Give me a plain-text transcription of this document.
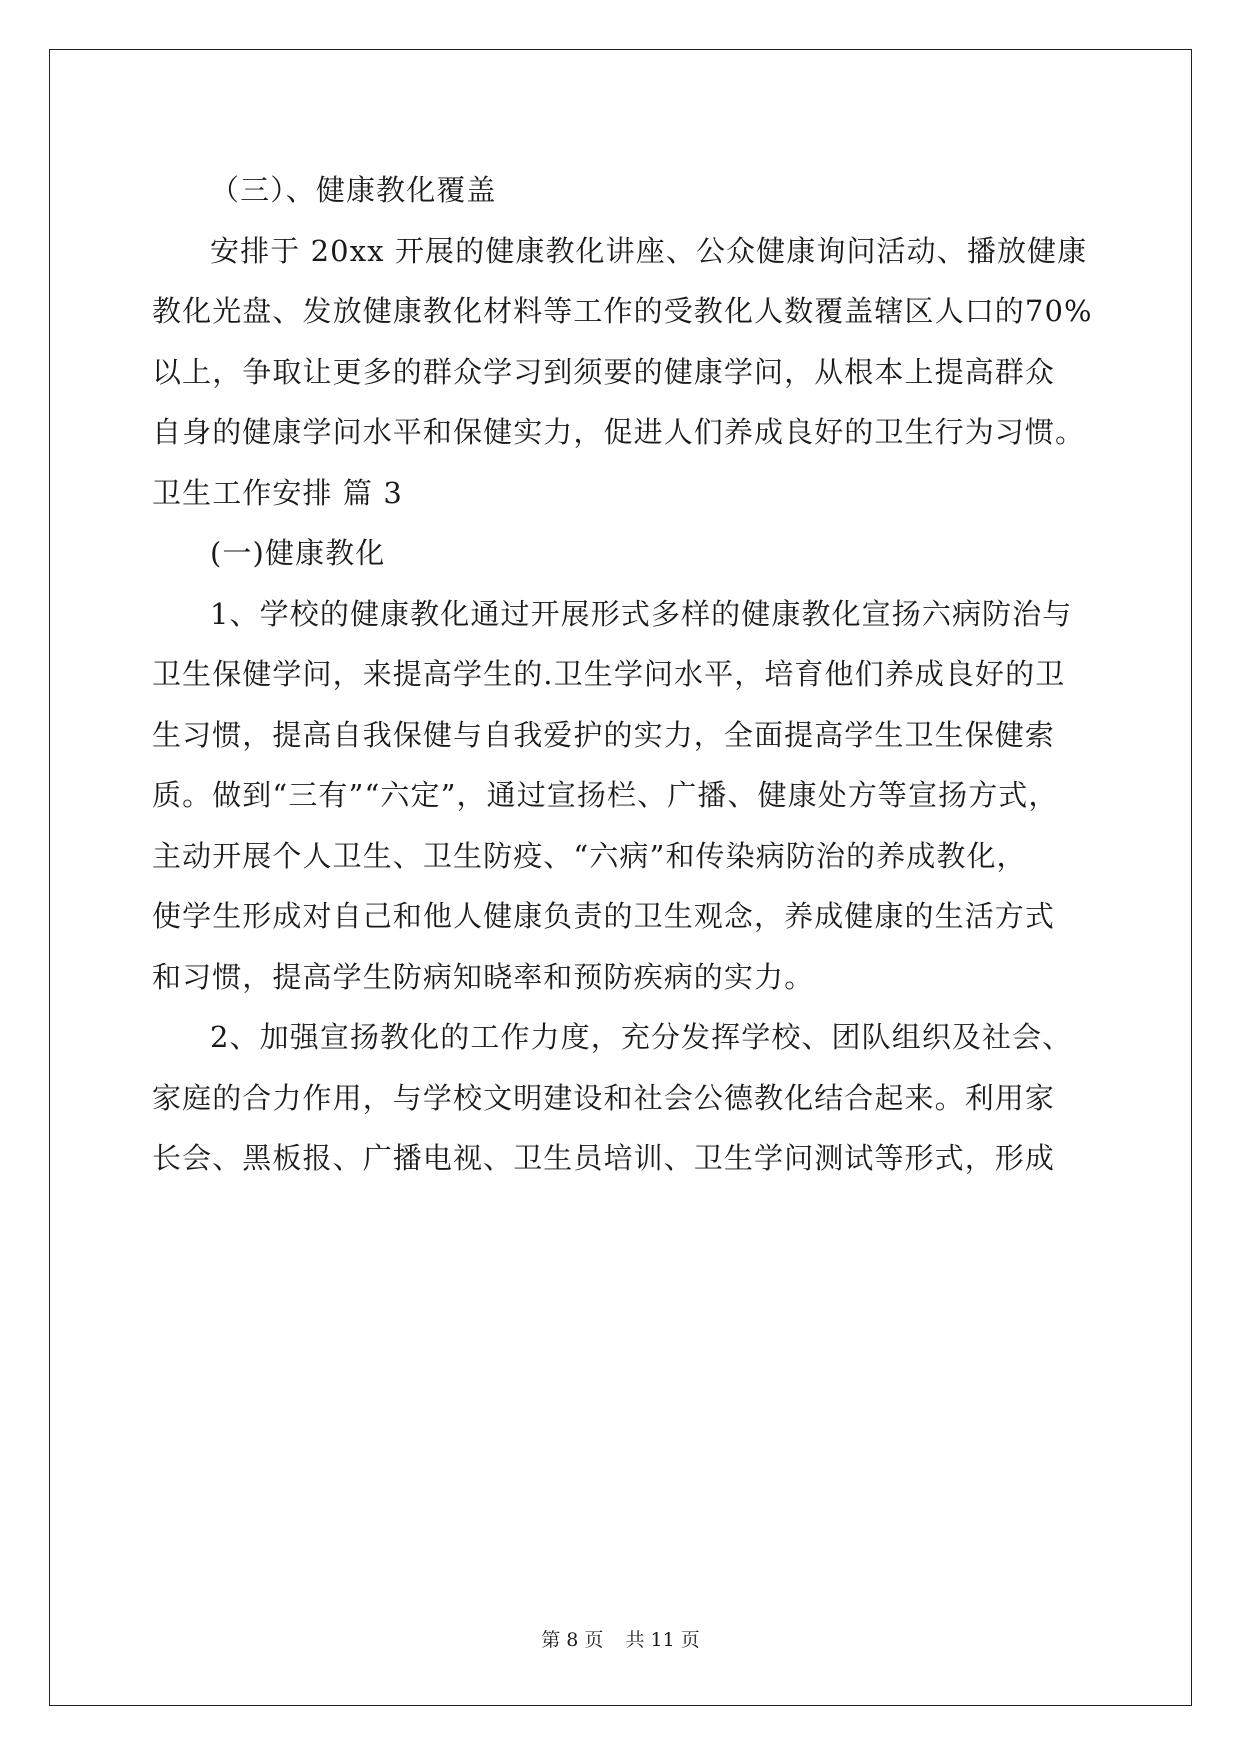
（三）、健康教化覆盖
安排于 20xx 开展的健康教化讲座、公众健康询问活动、播放健康
教化光盘、发放健康教化材料等工作的受教化人数覆盖辖区人口的70%
以上，争取让更多的群众学习到须要的健康学问，从根本上提高群众
自身的健康学问水平和保健实力，促进人们养成良好的卫生行为习惯。
卫生工作安排 篇 3
(一)健康教化
1、学校的健康教化通过开展形式多样的健康教化宣扬六病防治与
卫生保健学问，来提高学生的.卫生学问水平，培育他们养成良好的卫
生习惯，提高自我保健与自我爱护的实力，全面提高学生卫生保健索
质。做到“三有”“六定”，通过宣扬栏、广播、健康处方等宣扬方式，
主动开展个人卫生、卫生防疫、“六病”和传染病防治的养成教化，
使学生形成对自己和他人健康负责的卫生观念，养成健康的生活方式
和习惯，提高学生防病知晓率和预防疾病的实力。
2、加强宣扬教化的工作力度，充分发挥学校、团队组织及社会、
家庭的合力作用，与学校文明建设和社会公德教化结合起来。利用家
长会、黑板报、广播电视、卫生员培训、卫生学问测试等形式，形成
第 8 页 共 11 页
